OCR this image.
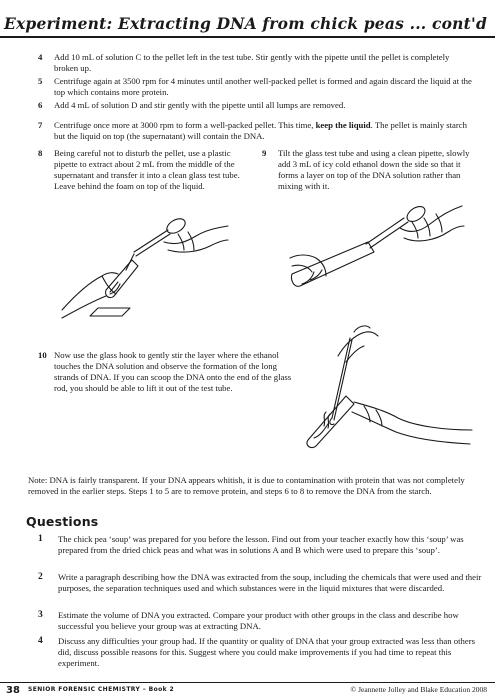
Experiment: Extracting DNA from chick peas ... cont'd
4 Add 10 mL of solution C to the pellet left in the test tube. Stir gently with the pipette until the pellet is completely broken up.
5 Centrifuge again at 3500 rpm for 4 minutes until another well-packed pellet is formed and again discard the liquid at the top which contains more protein.
6 Add 4 mL of solution D and stir gently with the pipette until all lumps are removed.
7 Centrifuge once more at 3000 rpm to form a well-packed pellet. This time, keep the liquid. The pellet is mainly starch but the liquid on top (the supernatant) will contain the DNA.
8 Being careful not to disturb the pellet, use a plastic pipette to extract about 2 mL from the middle of the supernatant and transfer it into a clean glass test tube. Leave behind the foam on top of the liquid.
9 Tilt the glass test tube and using a clean pipette, slowly add 3 mL of icy cold ethanol down the side so that it forms a layer on top of the DNA solution rather than mixing with it.
10 Now use the glass hook to gently stir the layer where the ethanol touches the DNA solution and observe the formation of the long strands of DNA. If you can scoop the DNA onto the end of the glass rod, you should be able to lift it out of the test tube.
Note: DNA is fairly transparent. If your DNA appears whitish, it is due to contamination with protein that was not completely removed in the earlier steps. Steps 1 to 5 are to remove protein, and steps 6 to 8 to remove the DNA from the starch.
Questions
1 The chick pea ‘soup’ was prepared for you before the lesson. Find out from your teacher exactly how this ‘soup’ was prepared from the dried chick peas and what was in solutions A and B which were used to prepare this ‘soup’.
2 Write a paragraph describing how the DNA was extracted from the soup, including the chemicals that were used and their purposes, the separation techniques used and which substances were in the liquid mixtures that were discarded.
3 Estimate the volume of DNA you extracted. Compare your product with other groups in the class and describe how successful you believe your group was at extracting DNA.
4 Discuss any difficulties your group had. If the quantity or quality of DNA that your group extracted was less than others did, discuss possible reasons for this. Suggest where you could make improvements if you had time to repeat this experiment.
38 SENIOR FORENSIC CHEMISTRY – Book 2	© Jeannette Jolley and Blake Education 2008
